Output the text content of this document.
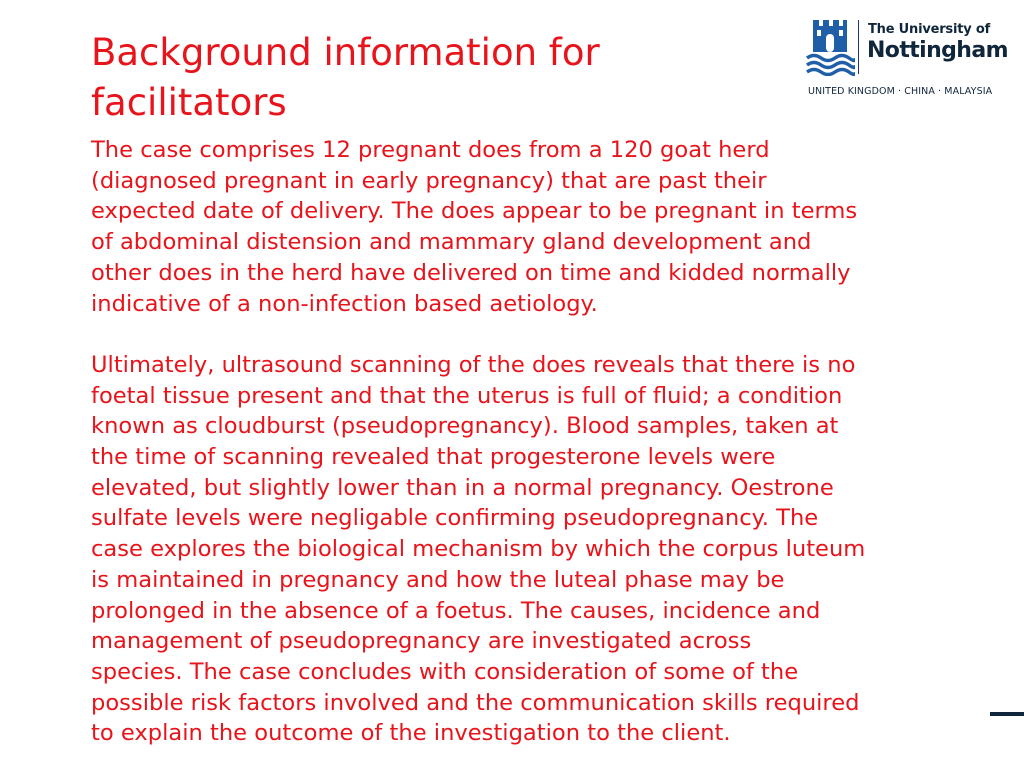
Background information for facilitators

The case comprises 12 pregnant does from a 120 goat herd
(diagnosed pregnant in early pregnancy) that are past their
expected date of delivery. The does appear to be pregnant in terms
of abdominal distension and mammary gland development and
other does in the herd have delivered on time and kidded normally
indicative of a non-infection based aetiology.

Ultimately, ultrasound scanning of the does reveals that there is no
foetal tissue present and that the uterus is full of fluid; a condition
known as cloudburst (pseudopregnancy). Blood samples, taken at
the time of scanning revealed that progesterone levels were
elevated, but slightly lower than in a normal pregnancy. Oestrone
sulfate levels were negligable confirming pseudopregnancy. The
case explores the biological mechanism by which the corpus luteum
is maintained in pregnancy and how the luteal phase may be
prolonged in the absence of a foetus. The causes, incidence and
management of pseudopregnancy are investigated across
species. The case concludes with consideration of some of the
possible risk factors involved and the communication skills required
to explain the outcome of the investigation to the client.

The University of
Nottingham
UNITED KINGDOM · CHINA · MALAYSIA
